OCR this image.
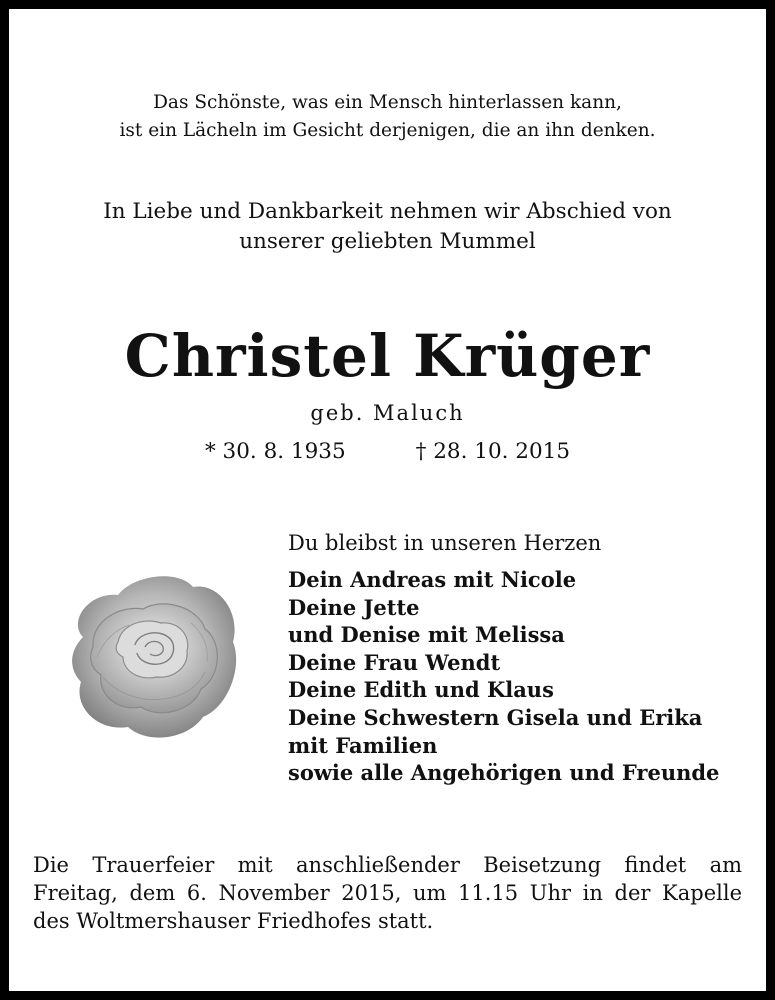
Das Schönste, was ein Mensch hinterlassen kann,
ist ein Lächeln im Gesicht derjenigen, die an ihn denken.
In Liebe und Dankbarkeit nehmen wir Abschied von
unserer geliebten Mummel
Christel Krüger
geb. Maluch
* 30. 8. 1935	† 28. 10. 2015
Du bleibst in unseren Herzen
Dein Andreas mit Nicole
Deine Jette
und Denise mit Melissa
Deine Frau Wendt
Deine Edith und Klaus
Deine Schwestern Gisela und Erika
mit Familien
sowie alle Angehörigen und Freunde
Die Trauerfeier mit anschließender Beisetzung findet am
Freitag, dem 6. November 2015, um 11.15 Uhr in der Kapelle
des Woltmershauser Friedhofes statt.
